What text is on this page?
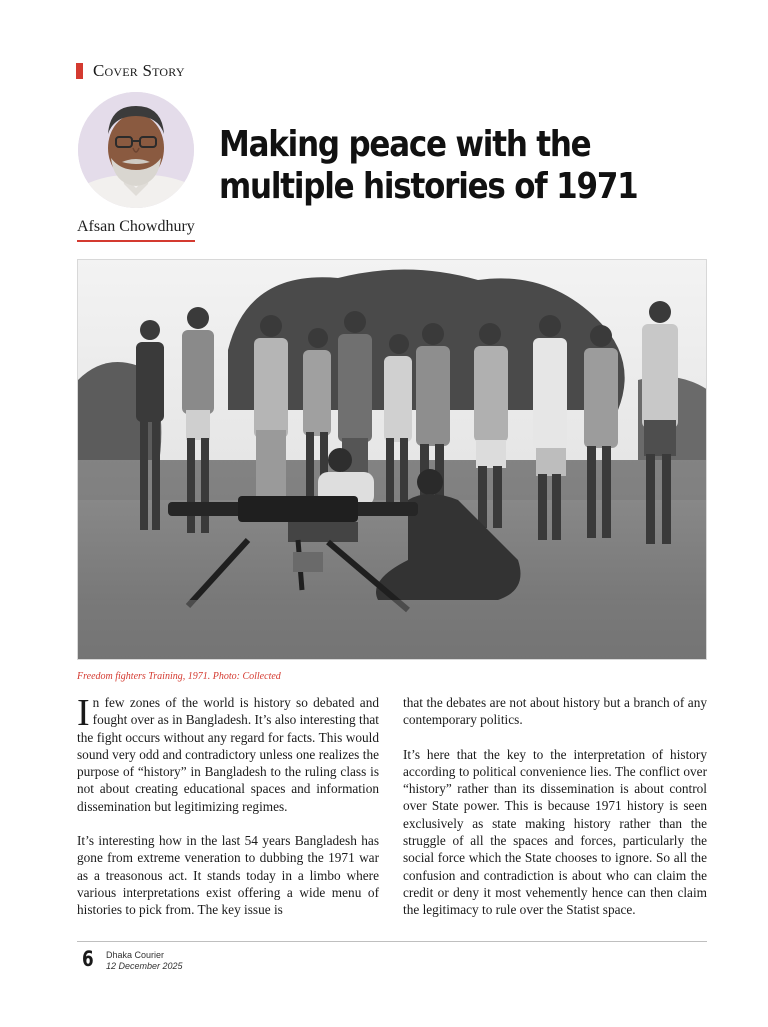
Cover Story
Afsan Chowdhury
Making peace with the multiple histories of 1971
Freedom fighters Training, 1971. Photo: Collected

In few zones of the world is history so debated and fought over as in Bangladesh. It’s also interesting that the fight occurs without any regard for facts. This would sound very odd and contradictory unless one realizes the purpose of “history” in Bangladesh to the ruling class is not about creating educational spaces and information dissemination but legitimizing regimes.

It’s interesting how in the last 54 years Bangladesh has gone from extreme veneration to dubbing the 1971 war as a treasonous act. It stands today in a limbo where various interpretations exist offering a wide menu of histories to pick from. The key issue is

that the debates are not about history but a branch of any contemporary politics.

It’s here that the key to the interpretation of history according to political convenience lies. The conflict over “history” rather than its dissemination is about control over State power. This is because 1971 history is seen exclusively as state making history rather than the struggle of all the spaces and forces, particularly the social force which the State chooses to ignore. So all the confusion and contradiction is about who can claim the credit or deny it most vehemently hence can then claim the legitimacy to rule over the Statist space.

6 Dhaka Courier
12 December 2025
